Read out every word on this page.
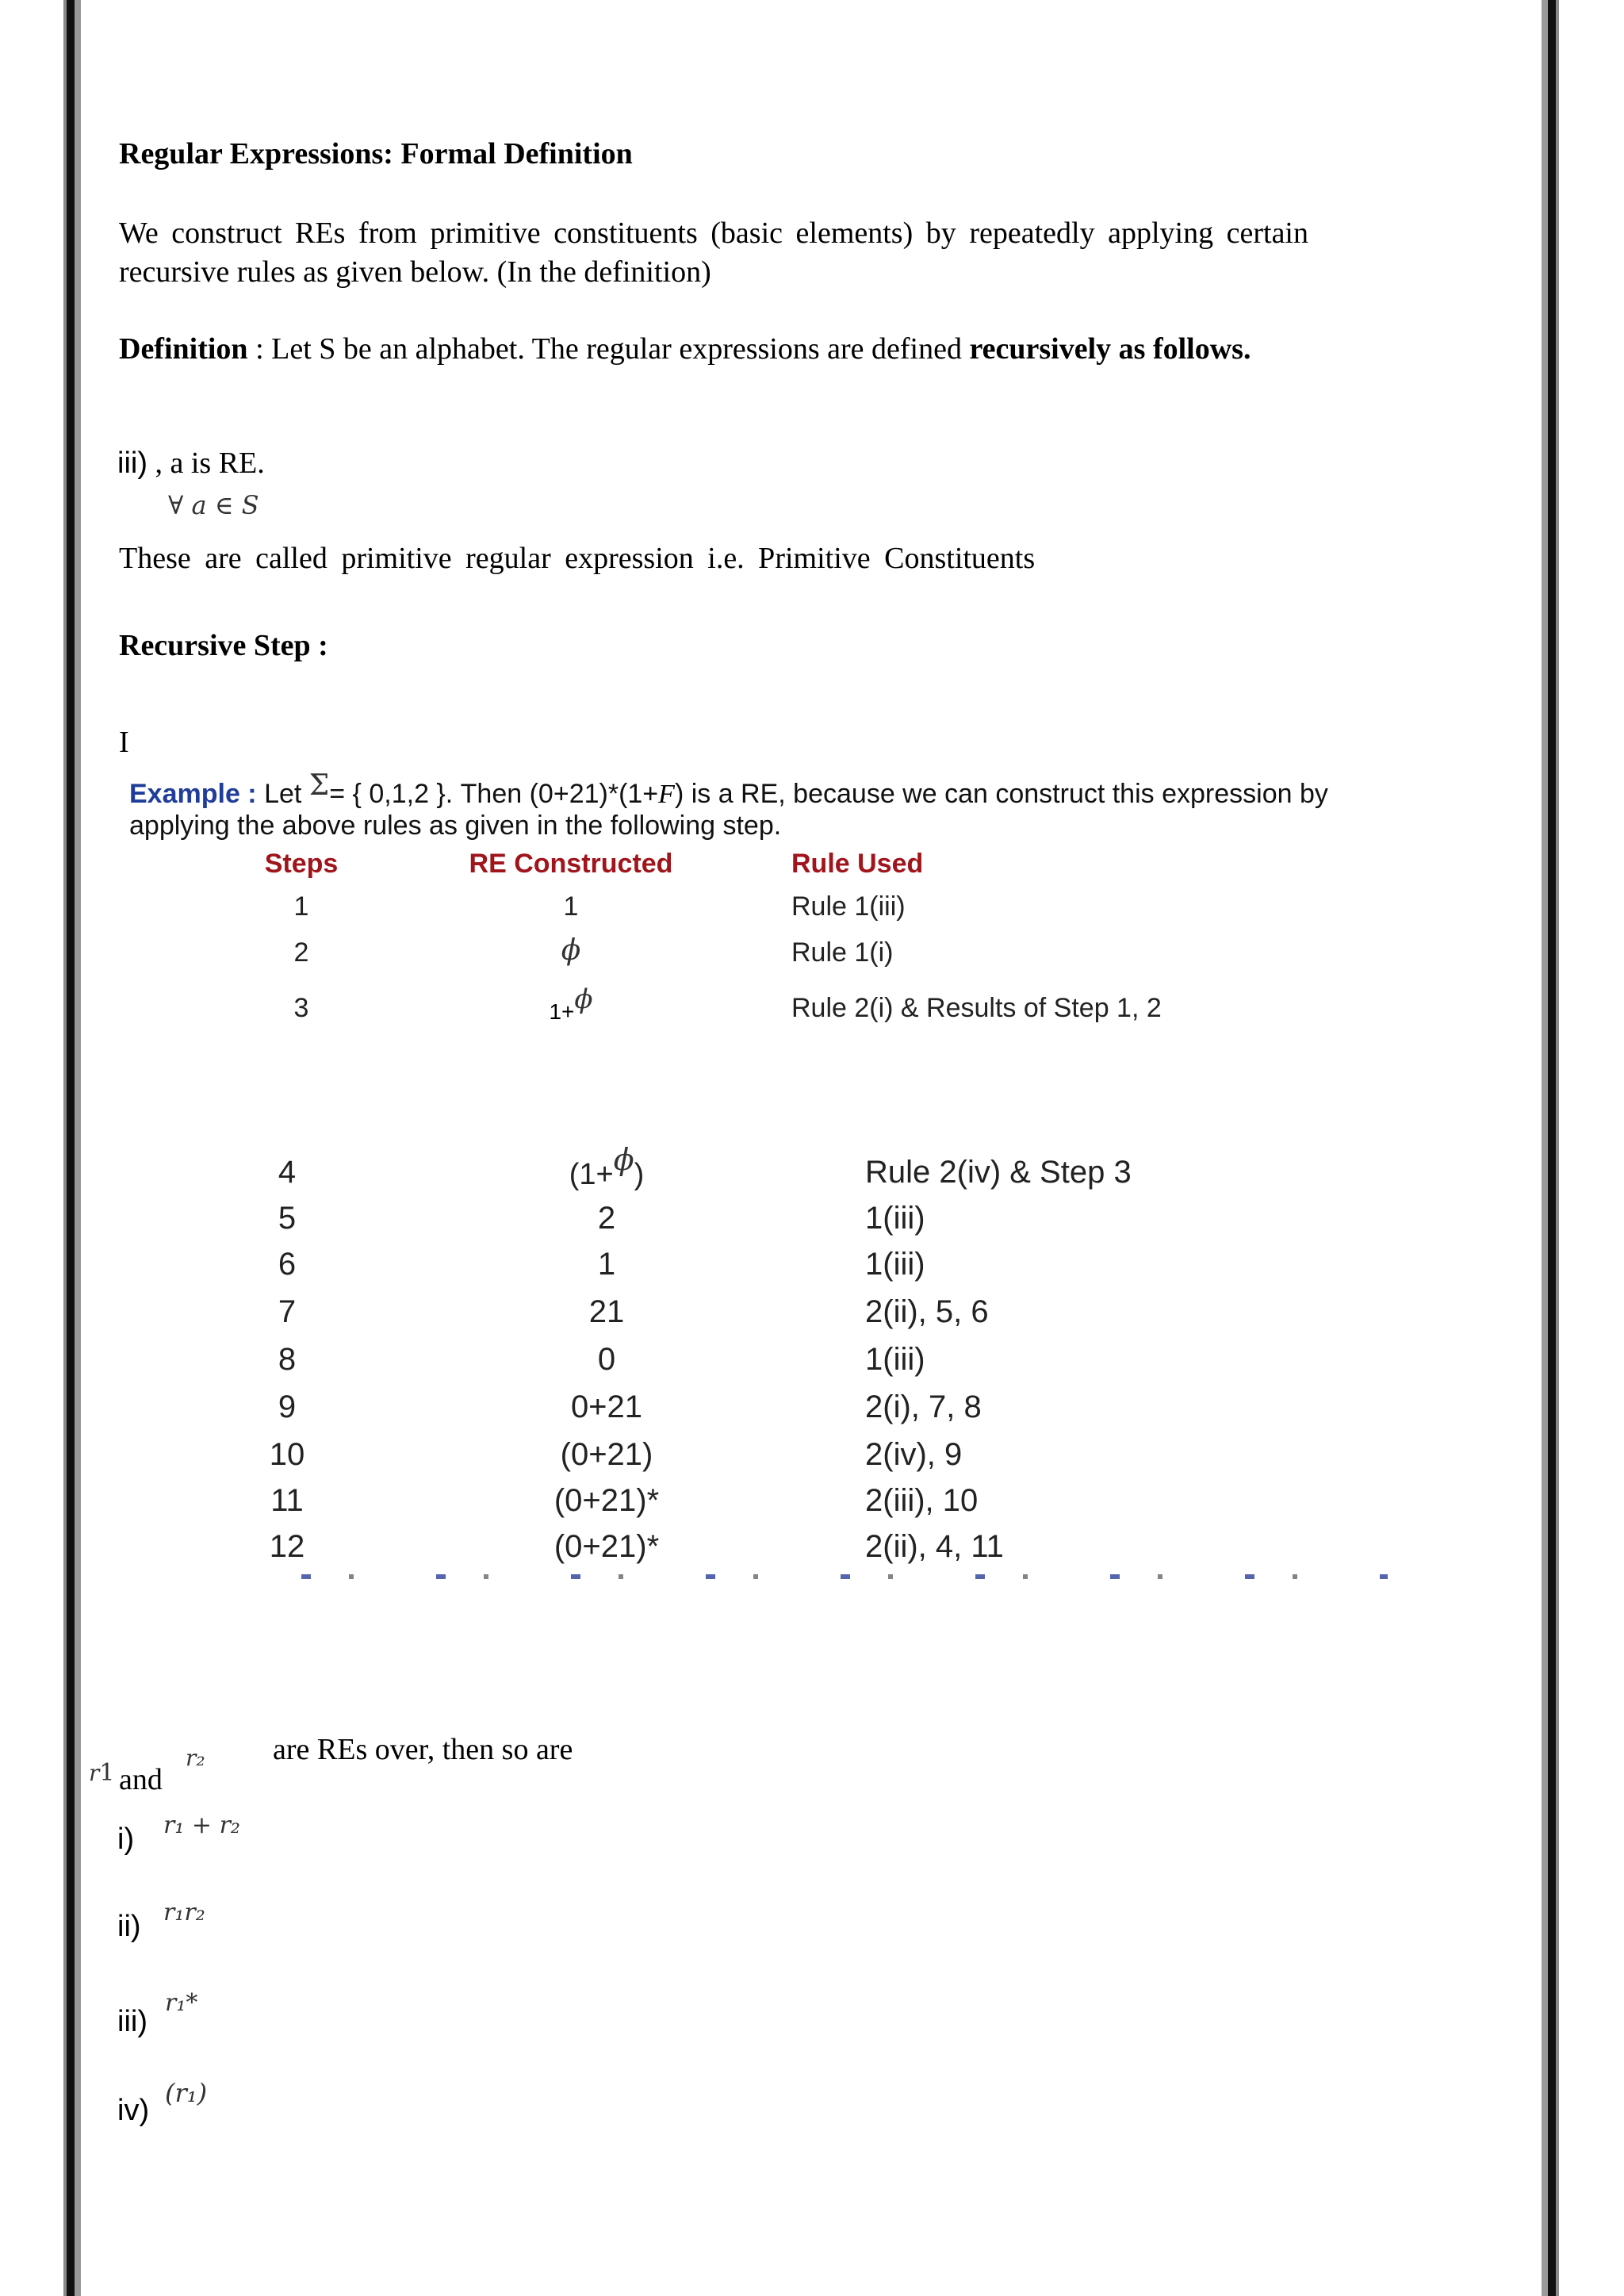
Regular Expressions: Formal Definition
We construct REs from primitive constituents (basic elements) by repeatedly applying certain recursive rules as given below. (In the definition)
Definition : Let S be an alphabet. The regular expressions are defined recursively as follows.
iii) , a is RE.
∀ a ∈ S
These are called primitive regular expression i.e. Primitive Constituents
Recursive Step :
I
Example : Let Σ= { 0,1,2 }. Then (0+21)*(1+F) is a RE, because we can construct this expression by
applying the above rules as given in the following step.
Steps	RE Constructed	Rule Used
1	1	Rule 1(iii)
2	ϕ	Rule 1(i)
3	1+ϕ	Rule 2(i) & Results of Step 1, 2
4	(1+ϕ)	Rule 2(iv) & Step 3
5	2	1(iii)
6	1	1(iii)
7	21	2(ii), 5, 6
8	0	1(iii)
9	0+21	2(i), 7, 8
10	(0+21)	2(iv), 9
11	(0+21)*	2(iii), 10
12	(0+21)*	2(ii), 4, 11
r1 and
r₂ are REs over, then so are
i) r₁ + r₂
ii) r₁r₂
iii)
r₁*
iv)
(r₁)
